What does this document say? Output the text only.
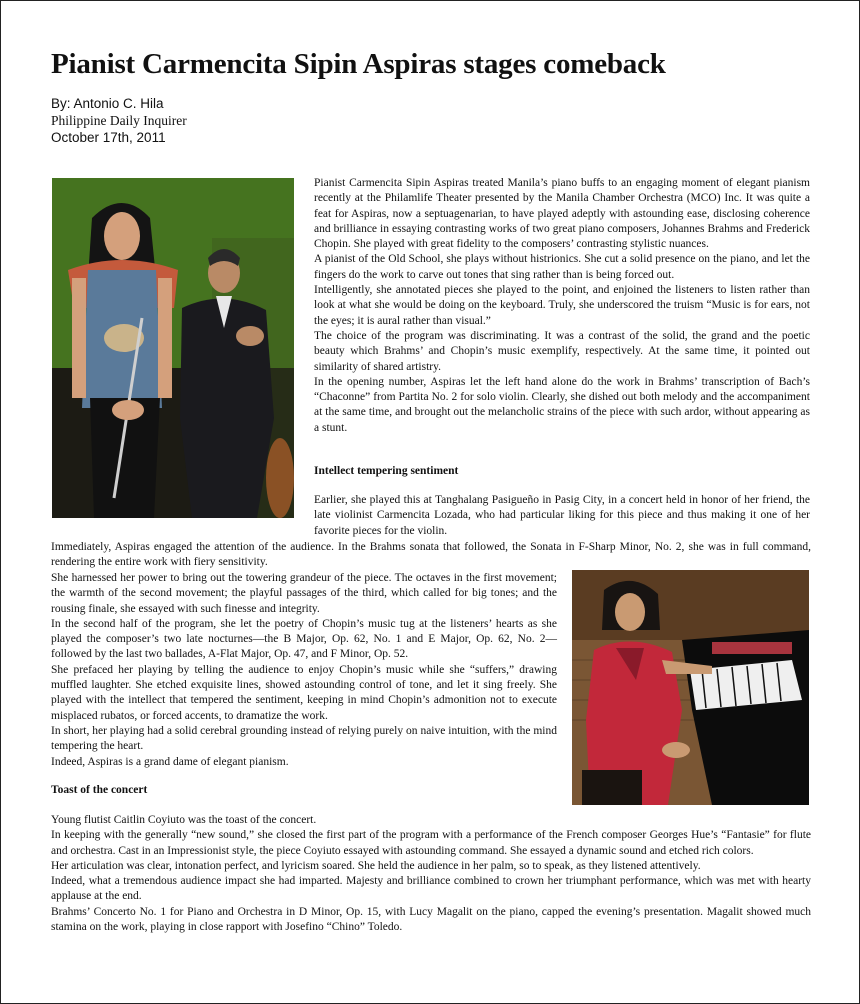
Pianist Carmencita Sipin Aspiras stages comeback
By: Antonio C. Hila
Philippine Daily Inquirer
October 17th, 2011

Pianist Carmencita Sipin Aspiras treated Manila’s piano buffs to an engaging moment of elegant pianism recently at the Philamlife Theater presented by the Manila Chamber Orchestra (MCO) Inc. It was quite a feat for Aspiras, now a septuagenarian, to have played adeptly with astounding ease, disclosing coherence and brilliance in essaying contrasting works of two great piano composers, Johannes Brahms and Frederick Chopin. She played with great fidelity to the composers’ contrasting stylistic nuances.

A pianist of the Old School, she plays without histrionics. She cut a solid presence on the piano, and let the fingers do the work to carve out tones that sing rather than is being forced out.

Intelligently, she annotated pieces she played to the point, and enjoined the listeners to listen rather than look at what she would be doing on the keyboard. Truly, she underscored the truism “Music is for ears, not the eyes; it is aural rather than visual.”

The choice of the program was discriminating. It was a contrast of the solid, the grand and the poetic beauty which Brahms’ and Chopin’s music exemplify, respectively. At the same time, it pointed out similarity of shared artistry.

In the opening number, Aspiras let the left hand alone do the work in Brahms’ transcription of Bach’s “Chaconne” from Partita No. 2 for solo violin. Clearly, she dished out both melody and the accompaniment at the same time, and brought out the melancholic strains of the piece with such ardor, without appearing as a stunt.

Intellect tempering sentiment

Earlier, she played this at Tanghalang Pasigueño in Pasig City, in a concert held in honor of her friend, the late violinist Carmencita Lozada, who had particular liking for this piece and thus making it one of her favorite pieces for the violin.

Immediately, Aspiras engaged the attention of the audience. In the Brahms sonata that followed, the Sonata in F-Sharp Minor, No. 2, she was in full command, rendering the entire work with fiery sensitivity.

She harnessed her power to bring out the towering grandeur of the piece. The octaves in the first movement; the warmth of the second movement; the playful passages of the third, which called for big tones; and the rousing finale, she essayed with such finesse and integrity.

In the second half of the program, she let the poetry of Chopin’s music tug at the listeners’ hearts as she played the composer’s two late nocturnes—the B Major, Op. 62, No. 1 and E Major, Op. 62, No. 2—followed by the last two ballades, A-Flat Major, Op. 47, and F Minor, Op. 52.

She prefaced her playing by telling the audience to enjoy Chopin’s music while she “suffers,” drawing muffled laughter. She etched exquisite lines, showed astounding control of tone, and let it sing freely. She played with the intellect that tempered the sentiment, keeping in mind Chopin’s admonition not to execute misplaced rubatos, or forced accents, to dramatize the work.

In short, her playing had a solid cerebral grounding instead of relying purely on naive intuition, with the mind tempering the heart.

Indeed, Aspiras is a grand dame of elegant pianism.

Toast of the concert

Young flutist Caitlin Coyiuto was the toast of the concert.

In keeping with the generally “new sound,” she closed the first part of the program with a performance of the French composer Georges Hue’s “Fantasie” for flute and orchestra. Cast in an Impressionist style, the piece Coyiuto essayed with astounding command. She essayed a dynamic sound and etched rich colors.

Her articulation was clear, intonation perfect, and lyricism soared. She held the audience in her palm, so to speak, as they listened attentively.

Indeed, what a tremendous audience impact she had imparted. Majesty and brilliance combined to crown her triumphant performance, which was met with hearty applause at the end.

Brahms’ Concerto No. 1 for Piano and Orchestra in D Minor, Op. 15, with Lucy Magalit on the piano, capped the evening’s presentation. Magalit showed much stamina on the work, playing in close rapport with Josefino “Chino” Toledo.
